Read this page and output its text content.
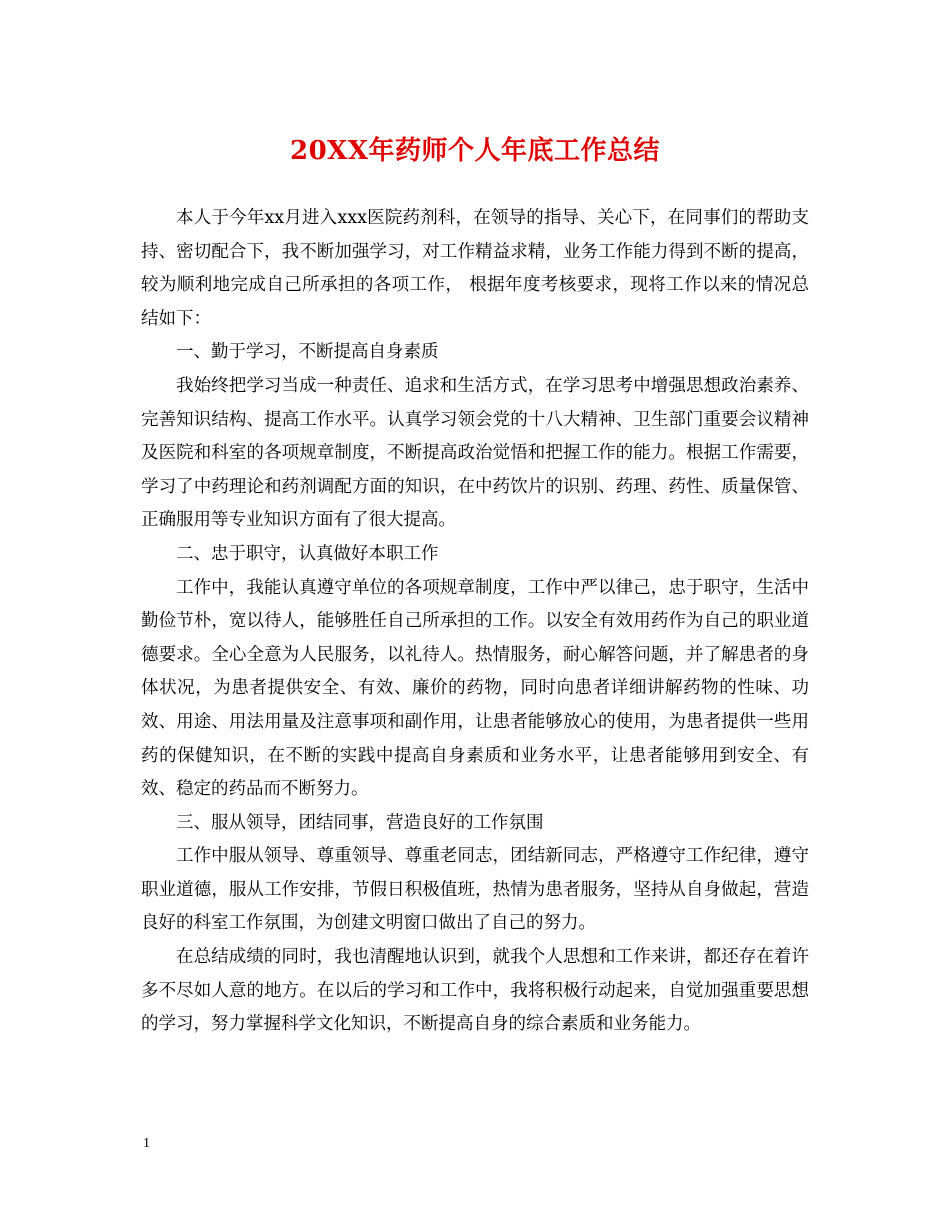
20XX年药师个人年底工作总结

本人于今年xx月进入xxx医院药剂科，在领导的指导、关心下，在同事们的帮助支持、密切配合下，我不断加强学习，对工作精益求精，业务工作能力得到不断的提高，较为顺利地完成自己所承担的各项工作， 根据年度考核要求，现将工作以来的情况总结如下：

一、勤于学习，不断提高自身素质

我始终把学习当成一种责任、追求和生活方式，在学习思考中增强思想政治素养、完善知识结构、提高工作水平。认真学习领会党的十八大精神、卫生部门重要会议精神及医院和科室的各项规章制度，不断提高政治觉悟和把握工作的能力。根据工作需要，学习了中药理论和药剂调配方面的知识，在中药饮片的识别、药理、药性、质量保管、正确服用等专业知识方面有了很大提高。

二、忠于职守，认真做好本职工作

工作中，我能认真遵守单位的各项规章制度，工作中严以律己，忠于职守，生活中勤俭节朴，宽以待人，能够胜任自己所承担的工作。以安全有效用药作为自己的职业道德要求。全心全意为人民服务，以礼待人。热情服务，耐心解答问题，并了解患者的身体状况，为患者提供安全、有效、廉价的药物，同时向患者详细讲解药物的性味、功效、用途、用法用量及注意事项和副作用，让患者能够放心的使用，为患者提供一些用药的保健知识，在不断的实践中提高自身素质和业务水平，让患者能够用到安全、有效、稳定的药品而不断努力。

三、服从领导，团结同事，营造良好的工作氛围

工作中服从领导、尊重领导、尊重老同志，团结新同志，严格遵守工作纪律，遵守职业道德，服从工作安排，节假日积极值班，热情为患者服务，坚持从自身做起，营造良好的科室工作氛围，为创建文明窗口做出了自己的努力。

在总结成绩的同时，我也清醒地认识到，就我个人思想和工作来讲，都还存在着许多不尽如人意的地方。在以后的学习和工作中，我将积极行动起来，自觉加强重要思想的学习，努力掌握科学文化知识，不断提高自身的综合素质和业务能力。

1
